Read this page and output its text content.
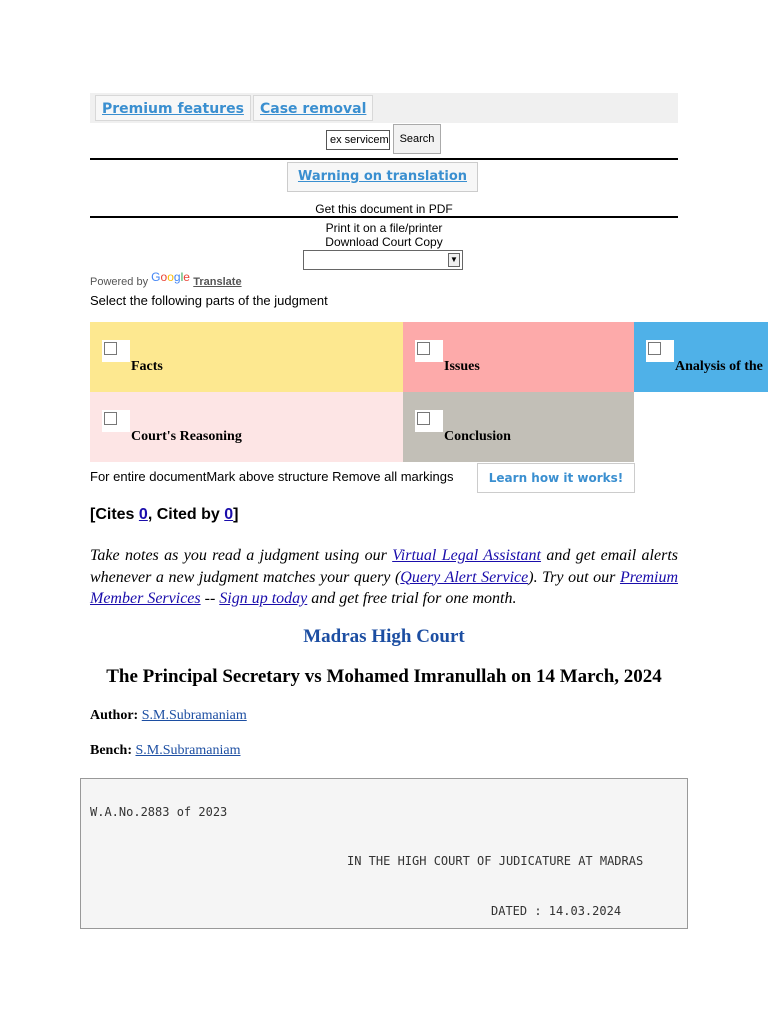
Premium features	Case removal
ex servicem Search
Warning on translation
Get this document in PDF
Print it on a file/printer
Download Court Copy
▼
Powered by Google Translate
Select the following parts of the judgment
Facts	Issues	Analysis of the
Court's Reasoning	Conclusion
For entire documentMark above structure Remove all markings	Learn how it works!
[Cites 0, Cited by 0]
Take notes as you read a judgment using our Virtual Legal Assistant and get email alerts whenever a new judgment matches your query (Query Alert Service). Try out our Premium Member Services -- Sign up today and get free trial for one month.
Madras High Court
The Principal Secretary vs Mohamed Imranullah on 14 March, 2024
Author: S.M.Subramaniam
Bench: S.M.Subramaniam
W.A.No.2883 of 2023
IN THE HIGH COURT OF JUDICATURE AT MADRAS
DATED : 14.03.2024
